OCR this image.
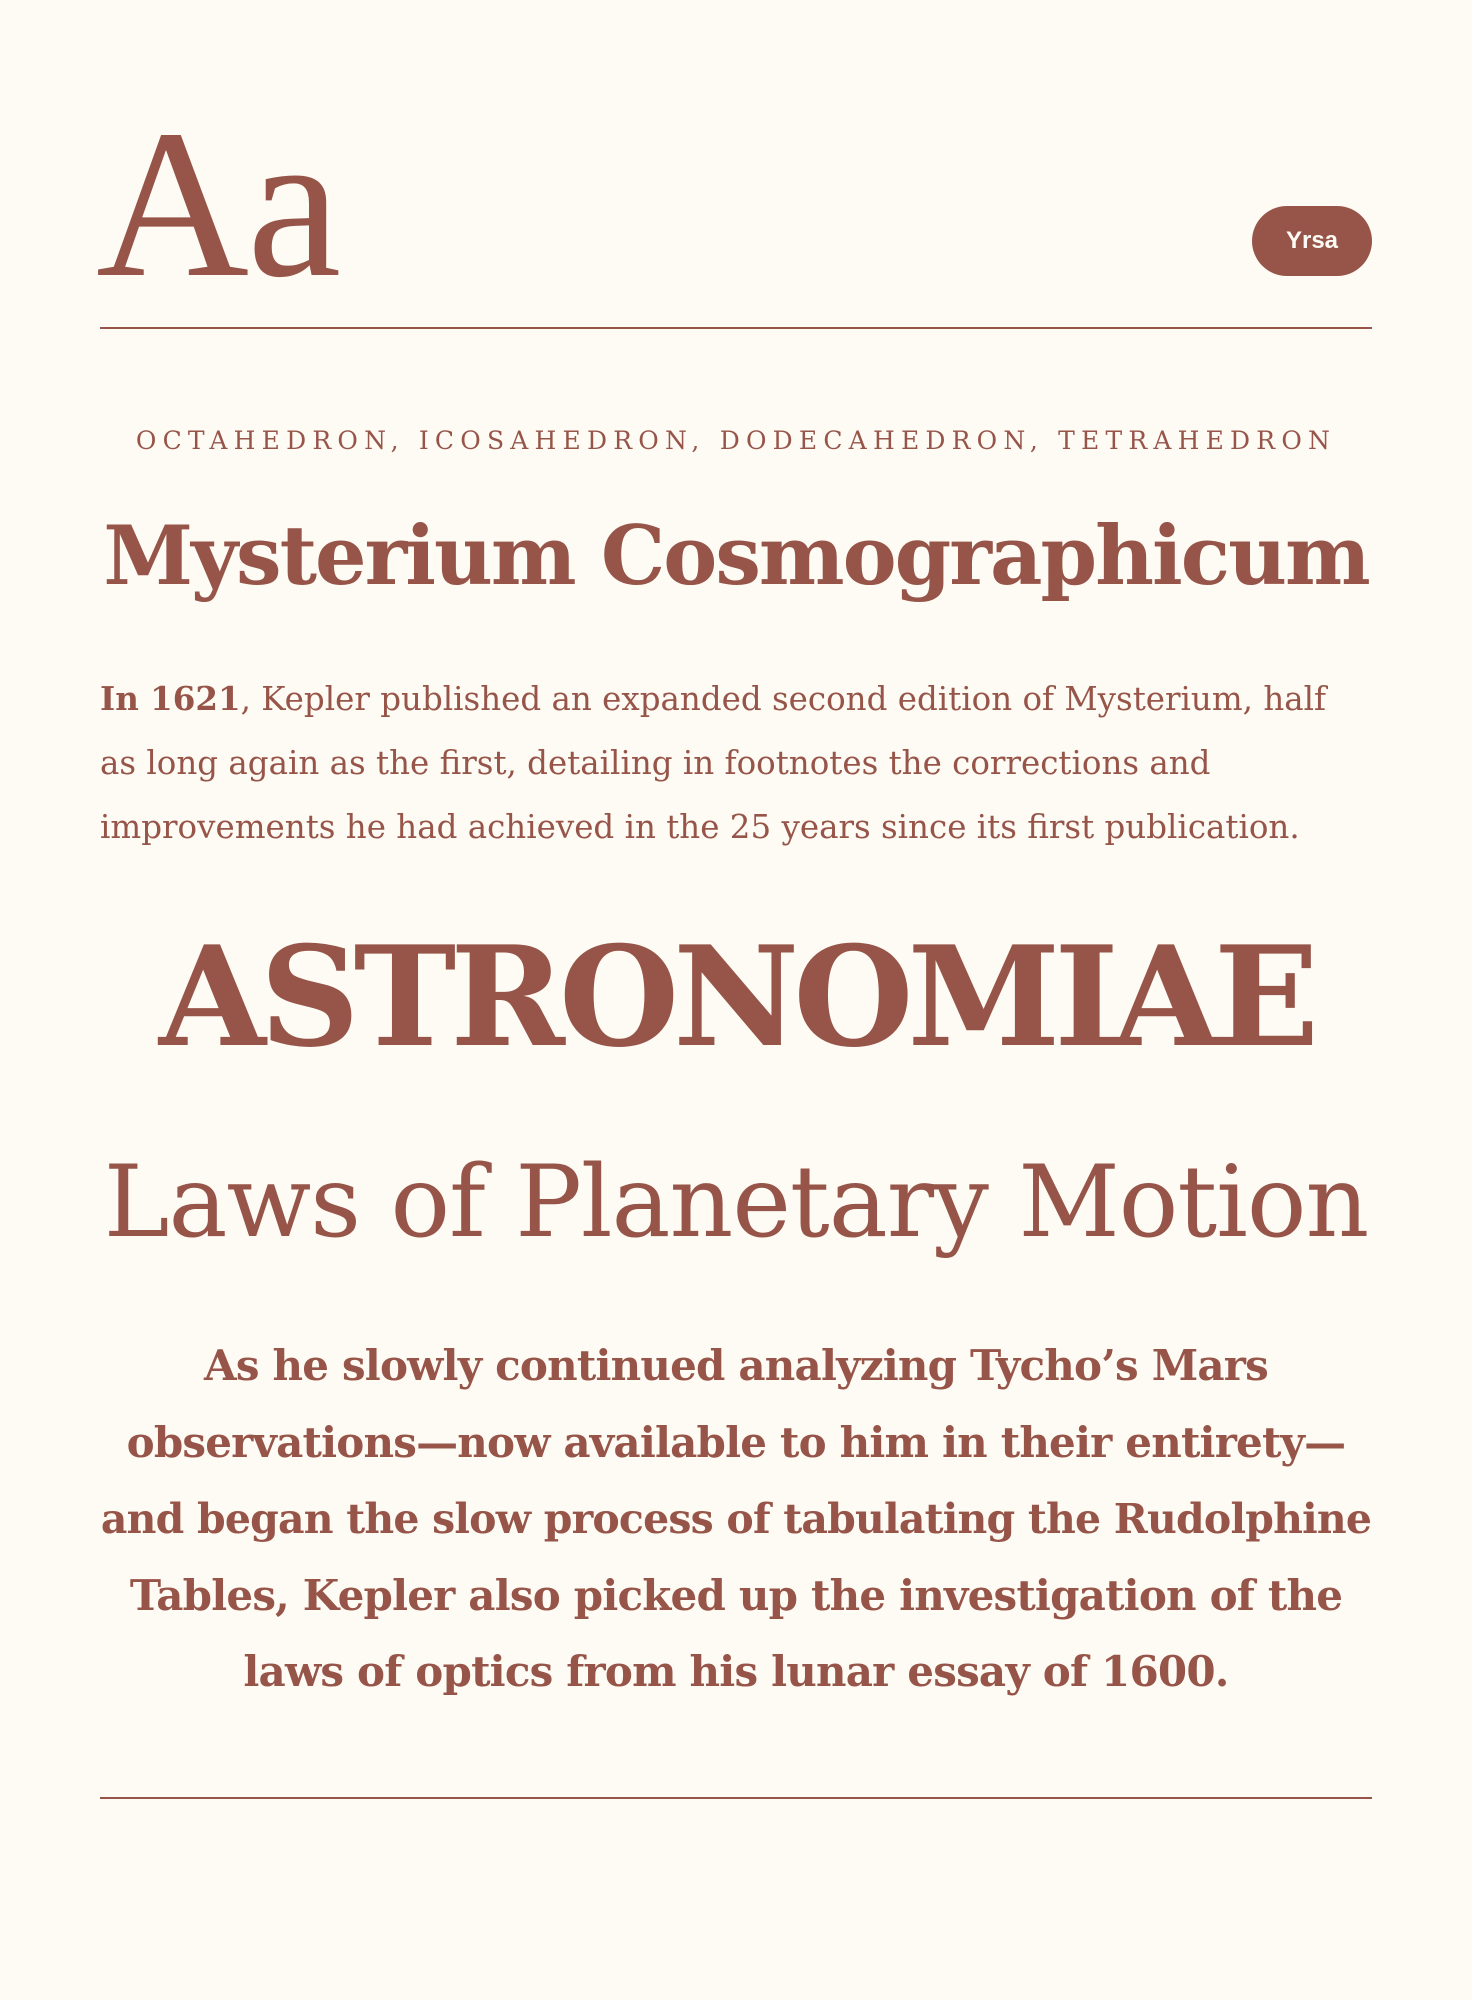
Aa	Yrsa

OCTAHEDRON, ICOSAHEDRON, DODECAHEDRON, TETRAHEDRON

Mysterium Cosmographicum

In 1621, Kepler published an expanded second edition of Mysterium, half
as long again as the first, detailing in footnotes the corrections and
improvements he had achieved in the 25 years since its first publication.

ASTRONOMIAE
Laws of Planetary Motion

As he slowly continued analyzing Tycho’s Mars
observations—now available to him in their entirety—
and began the slow process of tabulating the Rudolphine
Tables, Kepler also picked up the investigation of the
laws of optics from his lunar essay of 1600.
